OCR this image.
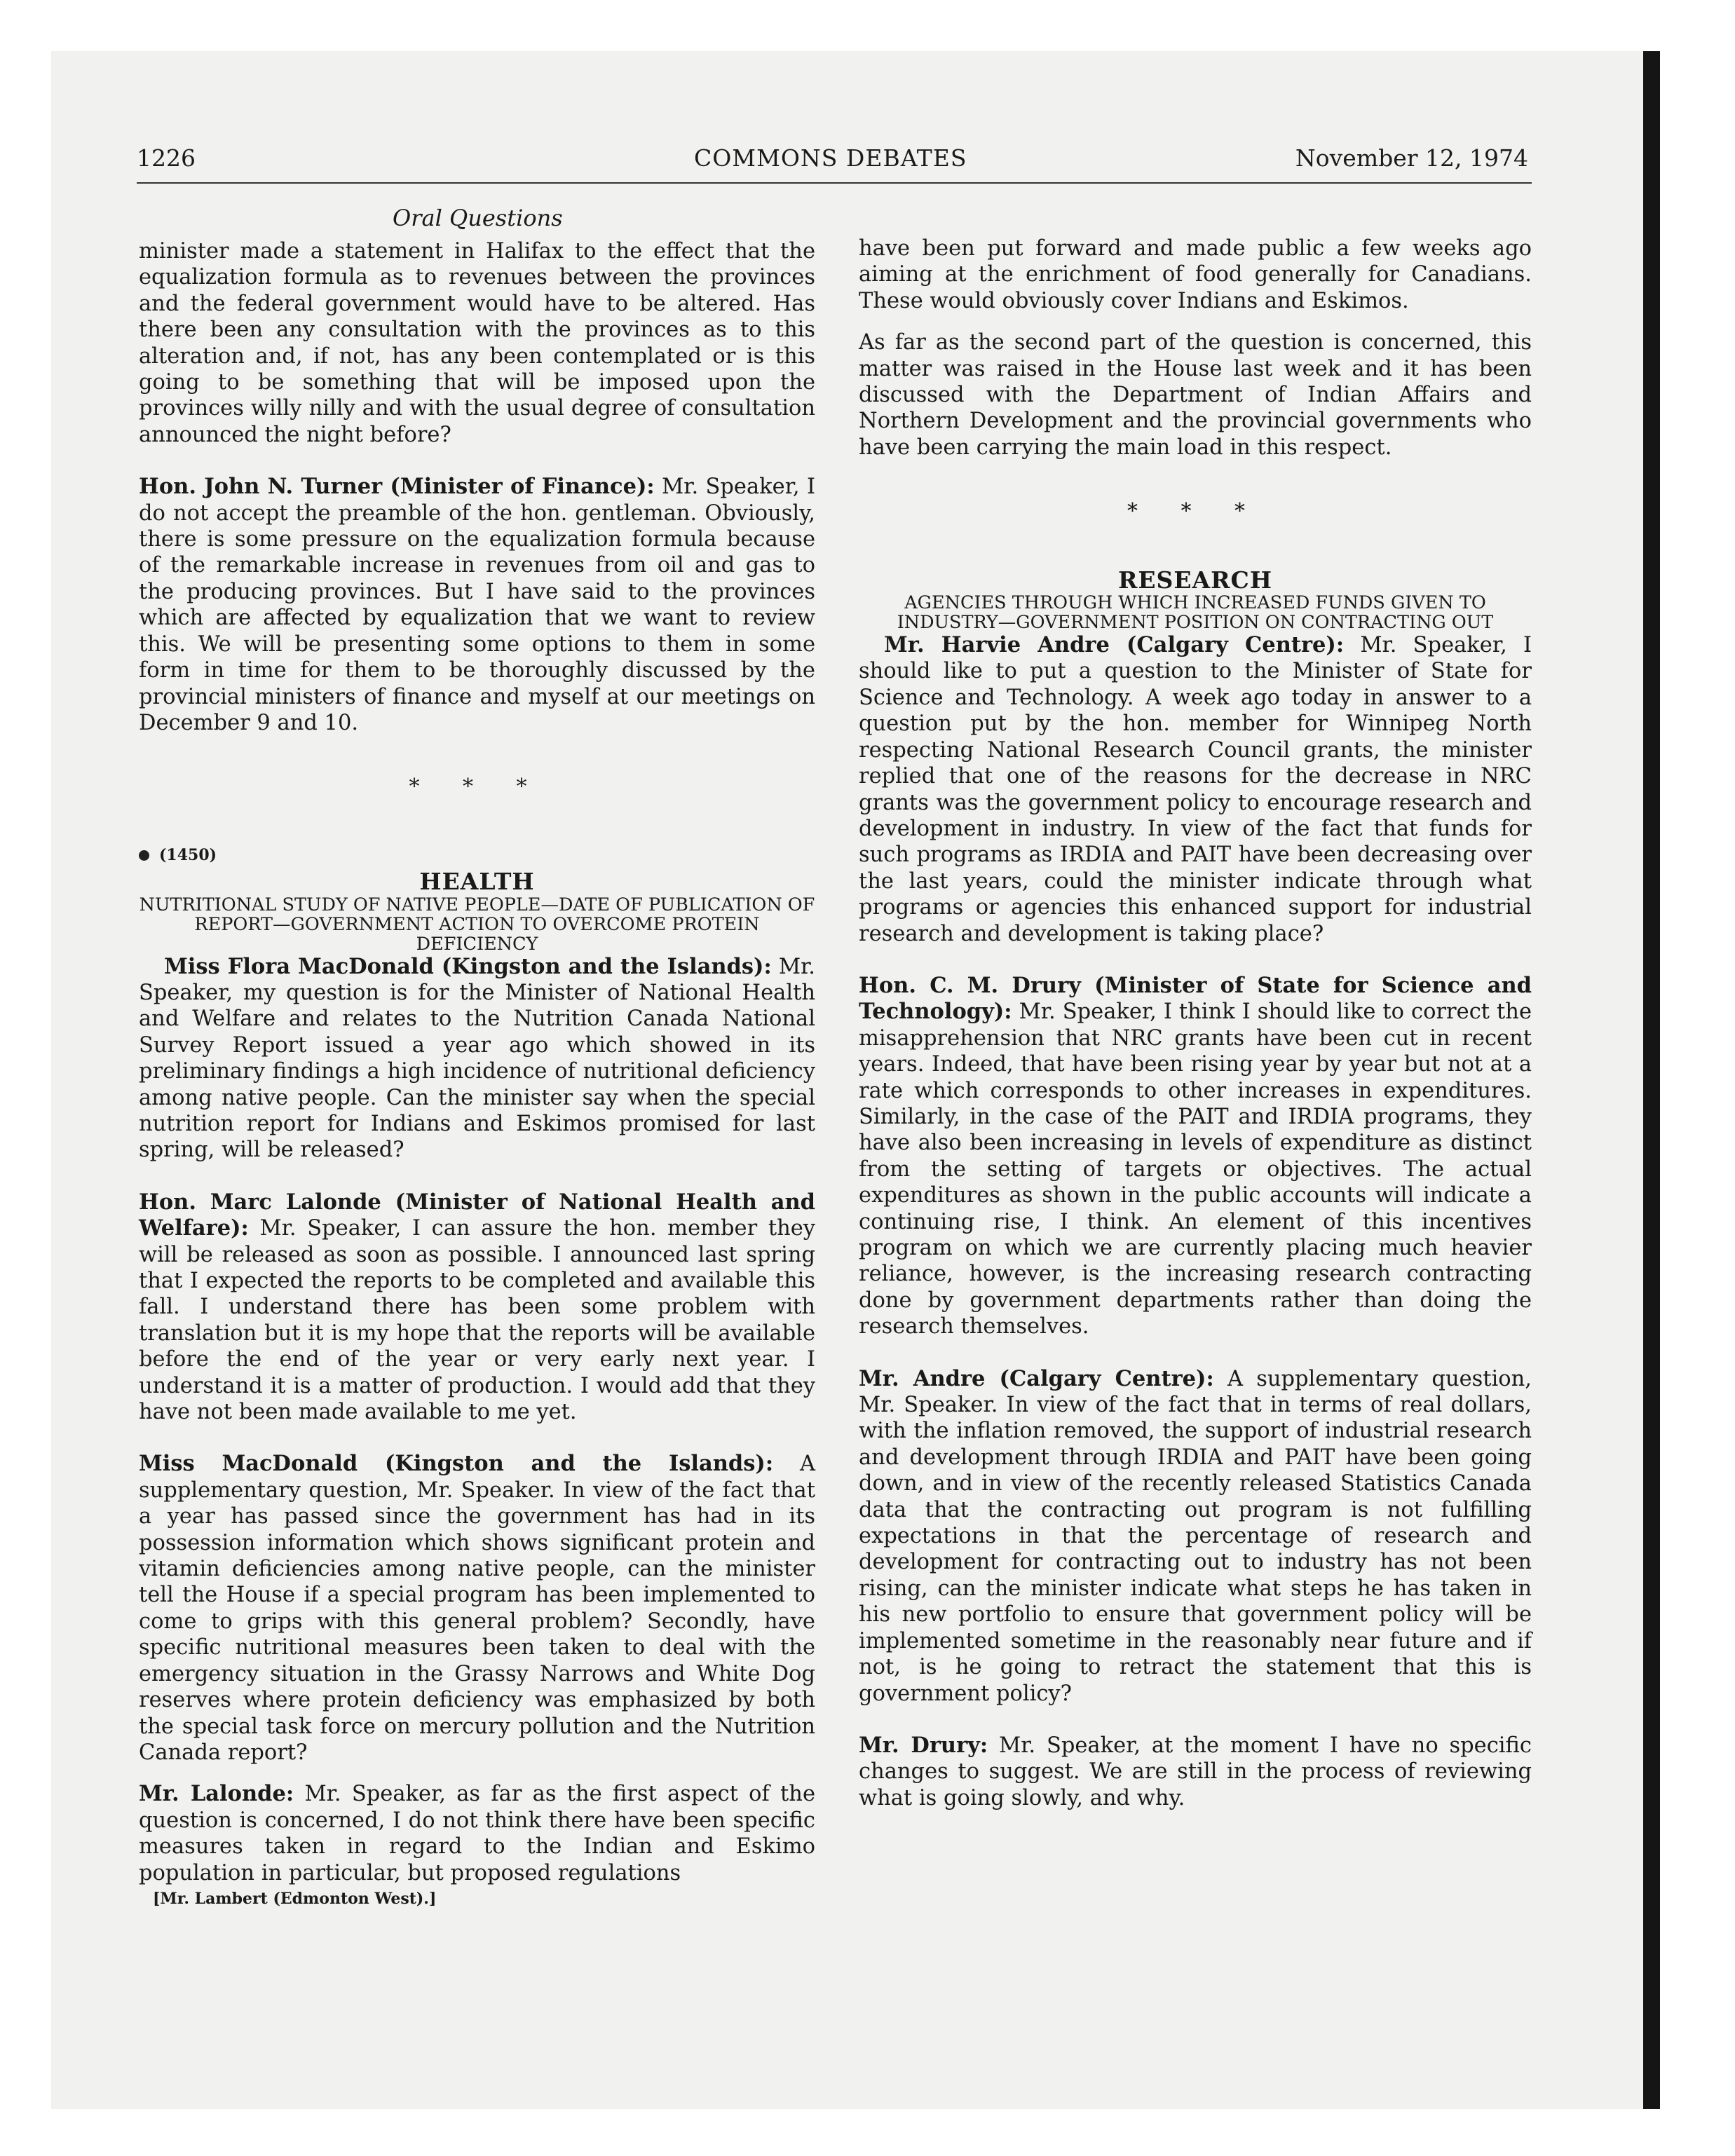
1226	COMMONS DEBATES	November 12, 1974
Oral Questions

minister made a statement in Halifax to the effect that the equalization formula as to revenues between the provinces and the federal government would have to be altered. Has there been any consultation with the provinces as to this alteration and, if not, has any been contemplated or is this going to be something that will be imposed upon the provinces willy nilly and with the usual degree of consultation announced the night before?

Hon. John N. Turner (Minister of Finance): Mr. Speaker, I do not accept the preamble of the hon. gentleman. Obviously, there is some pressure on the equalization formula because of the remarkable increase in revenues from oil and gas to the producing provinces. But I have said to the provinces which are affected by equalization that we want to review this. We will be presenting some options to them in some form in time for them to be thoroughly discussed by the provincial ministers of finance and myself at our meetings on December 9 and 10.

* * *

(1450)

HEALTH

NUTRITIONAL STUDY OF NATIVE PEOPLE—DATE OF PUBLICATION OF REPORT—GOVERNMENT ACTION TO OVERCOME PROTEIN DEFICIENCY

Miss Flora MacDonald (Kingston and the Islands): Mr. Speaker, my question is for the Minister of National Health and Welfare and relates to the Nutrition Canada National Survey Report issued a year ago which showed in its preliminary findings a high incidence of nutritional deficiency among native people. Can the minister say when the special nutrition report for Indians and Eskimos promised for last spring, will be released?

Hon. Marc Lalonde (Minister of National Health and Welfare): Mr. Speaker, I can assure the hon. member they will be released as soon as possible. I announced last spring that I expected the reports to be completed and available this fall. I understand there has been some problem with translation but it is my hope that the reports will be available before the end of the year or very early next year. I understand it is a matter of production. I would add that they have not been made available to me yet.

Miss MacDonald (Kingston and the Islands): A supplementary question, Mr. Speaker. In view of the fact that a year has passed since the government has had in its possession information which shows significant protein and vitamin deficiencies among native people, can the minister tell the House if a special program has been implemented to come to grips with this general problem? Secondly, have specific nutritional measures been taken to deal with the emergency situation in the Grassy Narrows and White Dog reserves where protein deficiency was emphasized by both the special task force on mercury pollution and the Nutrition Canada report?

Mr. Lalonde: Mr. Speaker, as far as the first aspect of the question is concerned, I do not think there have been specific measures taken in regard to the Indian and Eskimo population in particular, but proposed regulations

[Mr. Lambert (Edmonton West).]

have been put forward and made public a few weeks ago aiming at the enrichment of food generally for Canadians. These would obviously cover Indians and Eskimos.

As far as the second part of the question is concerned, this matter was raised in the House last week and it has been discussed with the Department of Indian Affairs and Northern Development and the provincial governments who have been carrying the main load in this respect.

* * *

RESEARCH

AGENCIES THROUGH WHICH INCREASED FUNDS GIVEN TO INDUSTRY—GOVERNMENT POSITION ON CONTRACTING OUT

Mr. Harvie Andre (Calgary Centre): Mr. Speaker, I should like to put a question to the Minister of State for Science and Technology. A week ago today in answer to a question put by the hon. member for Winnipeg North respecting National Research Council grants, the minister replied that one of the reasons for the decrease in NRC grants was the government policy to encourage research and development in industry. In view of the fact that funds for such programs as IRDIA and PAIT have been decreasing over the last years, could the minister indicate through what programs or agencies this enhanced support for industrial research and development is taking place?

Hon. C. M. Drury (Minister of State for Science and Technology): Mr. Speaker, I think I should like to correct the misapprehension that NRC grants have been cut in recent years. Indeed, that have been rising year by year but not at a rate which corresponds to other increases in expenditures. Similarly, in the case of the PAIT and IRDIA programs, they have also been increasing in levels of expenditure as distinct from the setting of targets or objectives. The actual expenditures as shown in the public accounts will indicate a continuing rise, I think. An element of this incentives program on which we are currently placing much heavier reliance, however, is the increasing research contracting done by government departments rather than doing the research themselves.

Mr. Andre (Calgary Centre): A supplementary question, Mr. Speaker. In view of the fact that in terms of real dollars, with the inflation removed, the support of industrial research and development through IRDIA and PAIT have been going down, and in view of the recently released Statistics Canada data that the contracting out program is not fulfilling expectations in that the percentage of research and development for contracting out to industry has not been rising, can the minister indicate what steps he has taken in his new portfolio to ensure that government policy will be implemented sometime in the reasonably near future and if not, is he going to retract the statement that this is government policy?

Mr. Drury: Mr. Speaker, at the moment I have no specific changes to suggest. We are still in the process of reviewing what is going slowly, and why.
